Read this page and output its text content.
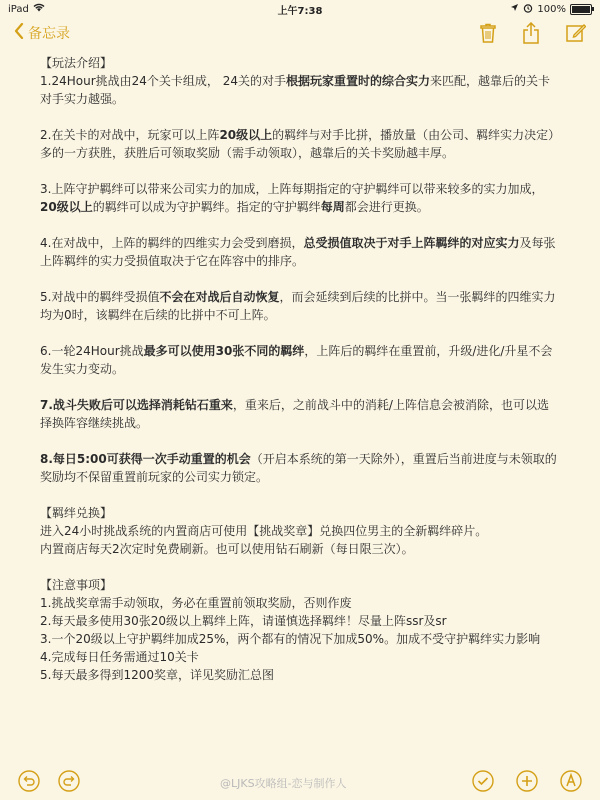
iPad	上午7:38	100%
备忘录
【玩法介绍】

1.24Hour挑战由24个关卡组成， 24关的对手根据玩家重置时的综合实力来匹配，越靠后的关卡对手实力越强。

2.在关卡的对战中，玩家可以上阵20级以上的羁绊与对手比拼，播放量（由公司、羁绊实力决定）多的一方获胜，获胜后可领取奖励（需手动领取），越靠后的关卡奖励越丰厚。

3.上阵守护羁绊可以带来公司实力的加成，上阵每期指定的守护羁绊可以带来较多的实力加成，20级以上的羁绊可以成为守护羁绊。指定的守护羁绊每周都会进行更换。

4.在对战中，上阵的羁绊的四维实力会受到磨损，总受损值取决于对手上阵羁绊的对应实力及每张上阵羁绊的实力受损值取决于它在阵容中的排序。

5.对战中的羁绊受损值不会在对战后自动恢复，而会延续到后续的比拼中。当一张羁绊的四维实力均为0时，该羁绊在后续的比拼中不可上阵。

6.一轮24Hour挑战最多可以使用30张不同的羁绊，上阵后的羁绊在重置前，升级/进化/升星不会发生实力变动。

7.战斗失败后可以选择消耗钻石重来，重来后，之前战斗中的消耗/上阵信息会被消除，也可以选择换阵容继续挑战。

8.每日5:00可获得一次手动重置的机会（开启本系统的第一天除外），重置后当前进度与未领取的奖励均不保留重置前玩家的公司实力锁定。

【羁绊兑换】

进入24小时挑战系统的内置商店可使用【挑战奖章】兑换四位男主的全新羁绊碎片。

内置商店每天2次定时免费刷新。也可以使用钻石刷新（每日限三次）。

【注意事项】

1.挑战奖章需手动领取，务必在重置前领取奖励，否则作废

2.每天最多使用30张20级以上羁绊上阵，请谨慎选择羁绊！尽量上阵ssr及sr

3.一个20级以上守护羁绊加成25%，两个都有的情况下加成50%。加成不受守护羁绊实力影响

4.完成每日任务需通过10关卡

5.每天最多得到1200奖章，详见奖励汇总图

@LJKS攻略组-恋与制作人
